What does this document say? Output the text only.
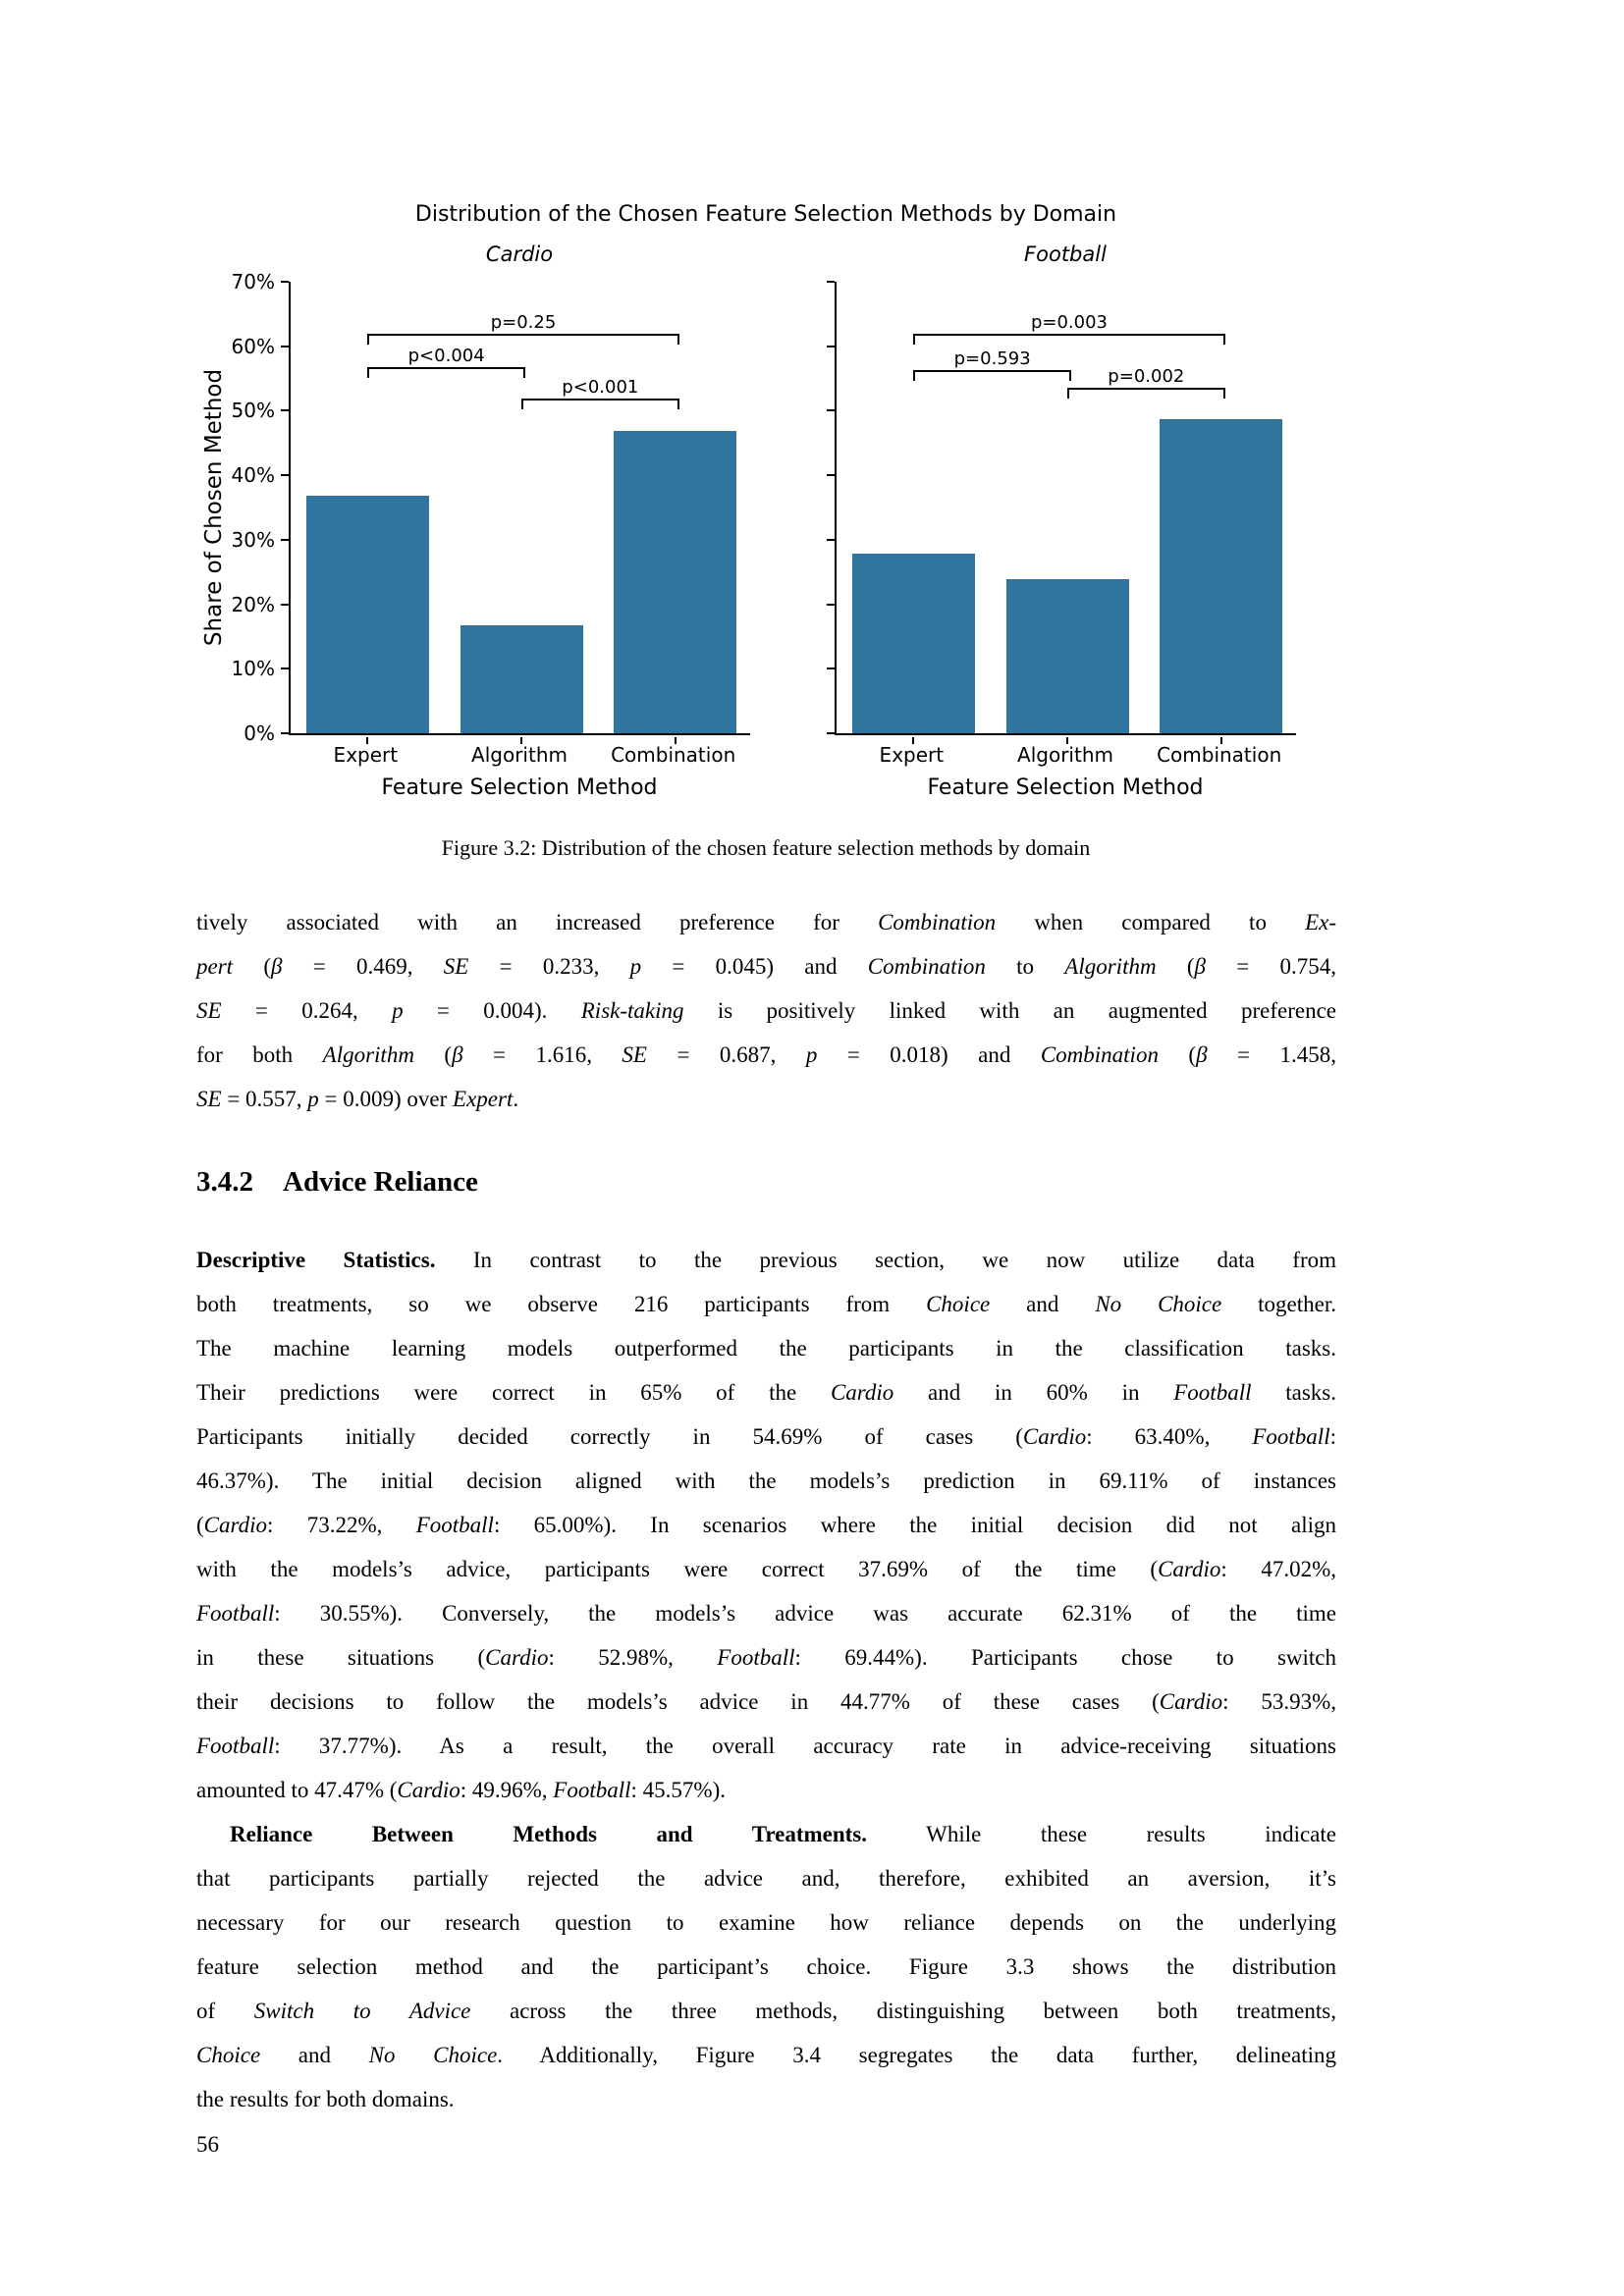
Distribution of the Chosen Feature Selection Methods by Domain
Share of Chosen Method
Cardio
0%
10%
20%
30%
40%
50%
60%
70%
p<0.004
p=0.25
p<0.001
Expert	Algorithm Combination
Feature Selection Method
Football
p=0.593
p=0.003
p=0.002
Expert	Algorithm Combination
Feature Selection Method
Figure 3.2: Distribution of the chosen feature selection methods by domain
tively associated with an increased preference for Combination when compared to Ex-
pert (β = 0.469, SE = 0.233, p = 0.045) and Combination to Algorithm (β = 0.754,
SE = 0.264, p = 0.004). Risk-taking is positively linked with an augmented preference
for both Algorithm (β = 1.616, SE = 0.687, p = 0.018) and Combination (β = 1.458,
SE = 0.557, p = 0.009) over Expert.
3.4.2 Advice Reliance
Descriptive Statistics. In contrast to the previous section, we now utilize data from
both treatments, so we observe 216 participants from Choice and No Choice together.
The machine learning models outperformed the participants in the classification tasks.
Their predictions were correct in 65% of the Cardio and in 60% in Football tasks.
Participants initially decided correctly in 54.69% of cases (Cardio: 63.40%, Football:
46.37%). The initial decision aligned with the models’s prediction in 69.11% of instances
(Cardio: 73.22%, Football: 65.00%). In scenarios where the initial decision did not align
with the models’s advice, participants were correct 37.69% of the time (Cardio: 47.02%,
Football: 30.55%). Conversely, the models’s advice was accurate 62.31% of the time
in these situations (Cardio: 52.98%, Football: 69.44%). Participants chose to switch
their decisions to follow the models’s advice in 44.77% of these cases (Cardio: 53.93%,
Football: 37.77%). As a result, the overall accuracy rate in advice-receiving situations
amounted to 47.47% (Cardio: 49.96%, Football: 45.57%).
Reliance Between Methods and Treatments. While these results indicate
that participants partially rejected the advice and, therefore, exhibited an aversion, it’s
necessary for our research question to examine how reliance depends on the underlying
feature selection method and the participant’s choice. Figure 3.3 shows the distribution
of Switch to Advice across the three methods, distinguishing between both treatments,
Choice and No Choice. Additionally, Figure 3.4 segregates the data further, delineating
the results for both domains.
56
